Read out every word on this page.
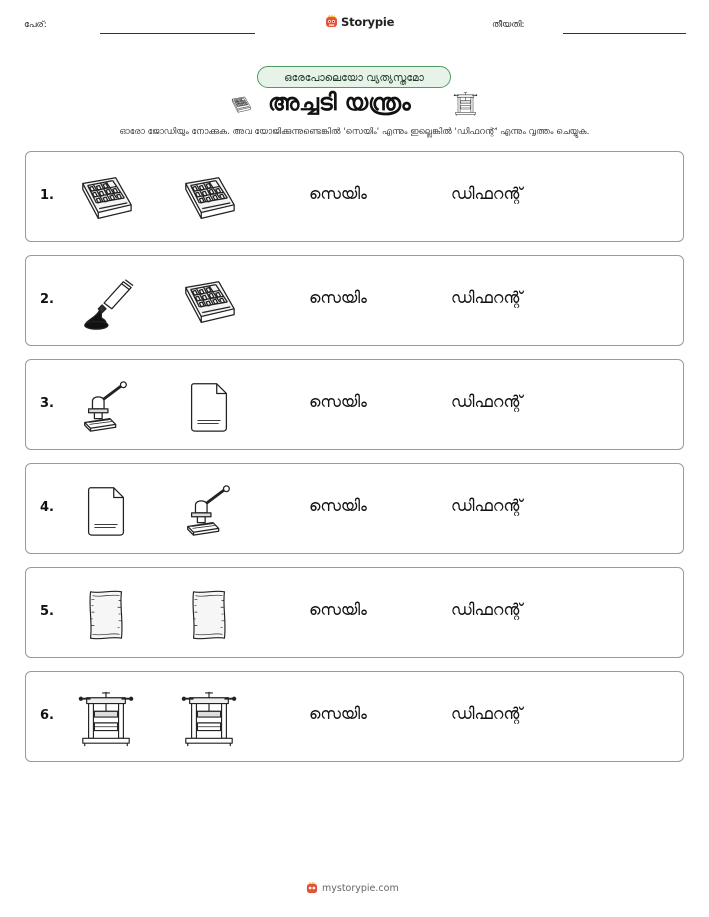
പേര്:	Storypie	തീയതി:
ഒരേപോലെയോ വ്യത്യസ്തമോ
അച്ചടി യന്ത്രം
ഓരോ ജോഡിയും നോക്കുക. അവ യോജിക്കുന്നുണ്ടെങ്കിൽ 'സെയിം' എന്നും ഇല്ലെങ്കിൽ 'ഡിഫറന്റ്' എന്നും വൃത്തം ചെയ്യുക.
1.	സെയിം	ഡിഫറന്റ്
2.	സെയിം	ഡിഫറന്റ്
3.	സെയിം	ഡിഫറന്റ്
4.	സെയിം	ഡിഫറന്റ്
5.	സെയിം	ഡിഫറന്റ്
6.	സെയിം	ഡിഫറന്റ്
mystorypie.com
